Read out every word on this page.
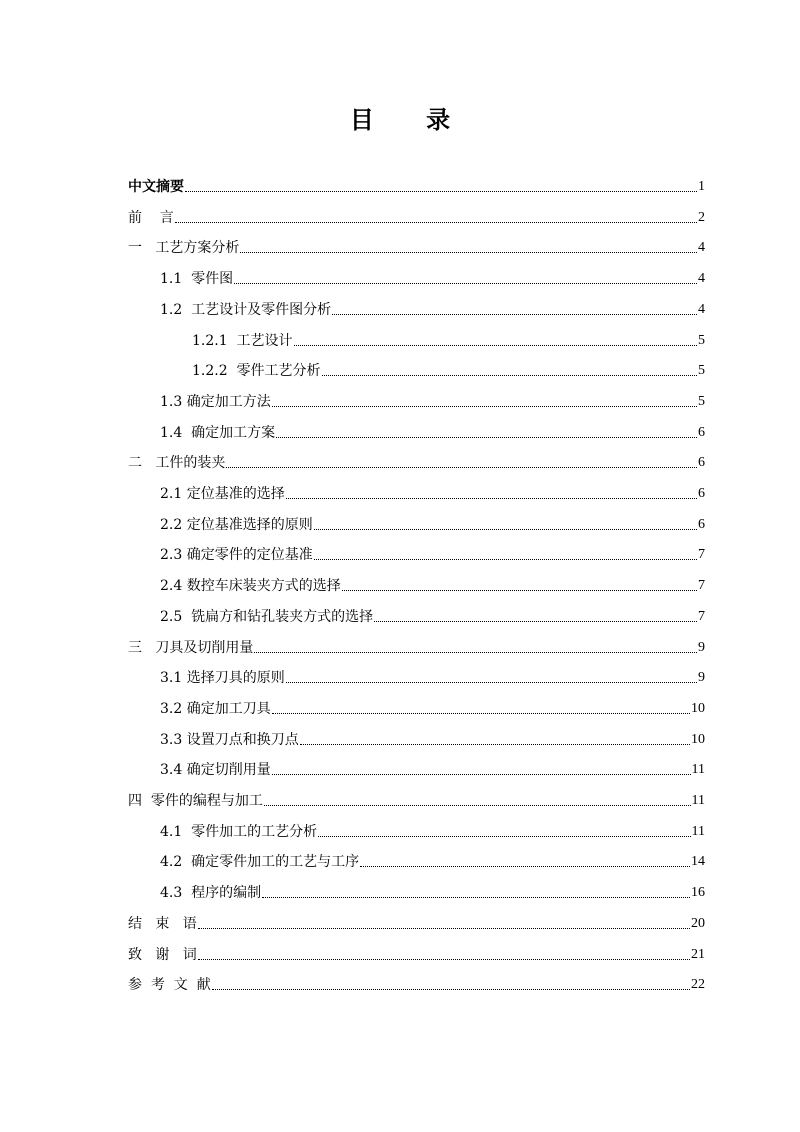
目 录
中文摘要	1
前    言	2
一   工艺方案分析	4
1.1  零件图	4
1.2  工艺设计及零件图分析	4
1.2.1  工艺设计	5
1.2.2  零件工艺分析	5
1.3 确定加工方法	5
1.4  确定加工方案	6
二   工件的装夹	6
2.1 定位基准的选择	6
2.2 定位基准选择的原则	6
2.3 确定零件的定位基准	7
2.4 数控车床装夹方式的选择	7
2.5  铣扁方和钻孔装夹方式的选择	7
三   刀具及切削用量	9
3.1 选择刀具的原则	9
3.2 确定加工刀具	10
3.3 设置刀点和换刀点	10
3.4 确定切削用量	11
四  零件的编程与加工	11
4.1  零件加工的工艺分析	11
4.2  确定零件加工的工艺与工序	14
4.3  程序的编制	16
结   束   语	20
致   谢   词	21
参  考  文  献	22
